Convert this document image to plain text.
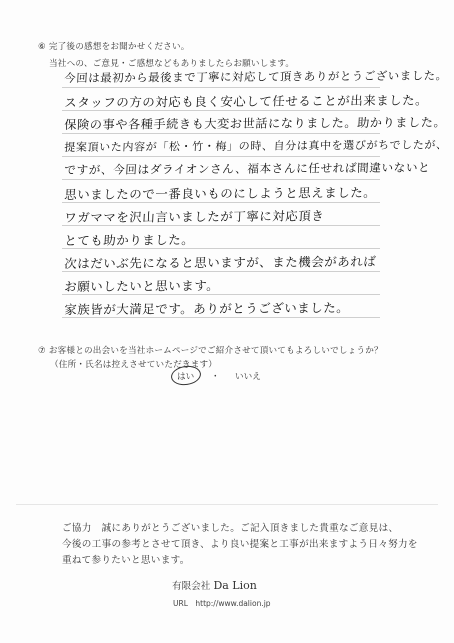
⑥ 完了後の感想をお聞かせください。
当社への、ご意見・ご感想などもありましたらお願いします。
今回は最初から最後まで丁寧に対応して頂きありがとうございました。
スタッフの方の対応も良く安心して任せることが出来ました。
保険の事や各種手続きも大変お世話になりました。助かりました。
提案頂いた内容が「松・竹・梅」の時、自分は真中を選びがちでしたが、
ですが、今回はダライオンさん、福本さんに任せれば間違いないと
思いましたので一番良いものにしようと思えました。
ワガママを沢山言いましたが丁寧に対応頂き
とても助かりました。
次はだいぶ先になると思いますが、また機会があれば
お願いしたいと思います。
家族皆が大満足です。ありがとうございました。
⑦ お客様との出会いを当社ホームページでご紹介させて頂いてもよろしいでしょうか？
（住所・氏名は控えさせていただきます）
はい ・ いいえ
ご協力　誠にありがとうございました。ご記入頂きました貴重なご意見は、
今後の工事の参考とさせて頂き、より良い提案と工事が出来ますよう日々努力を
重ねて参りたいと思います。
有限会社 Da Lion
URL　http://www.dalion.jp
